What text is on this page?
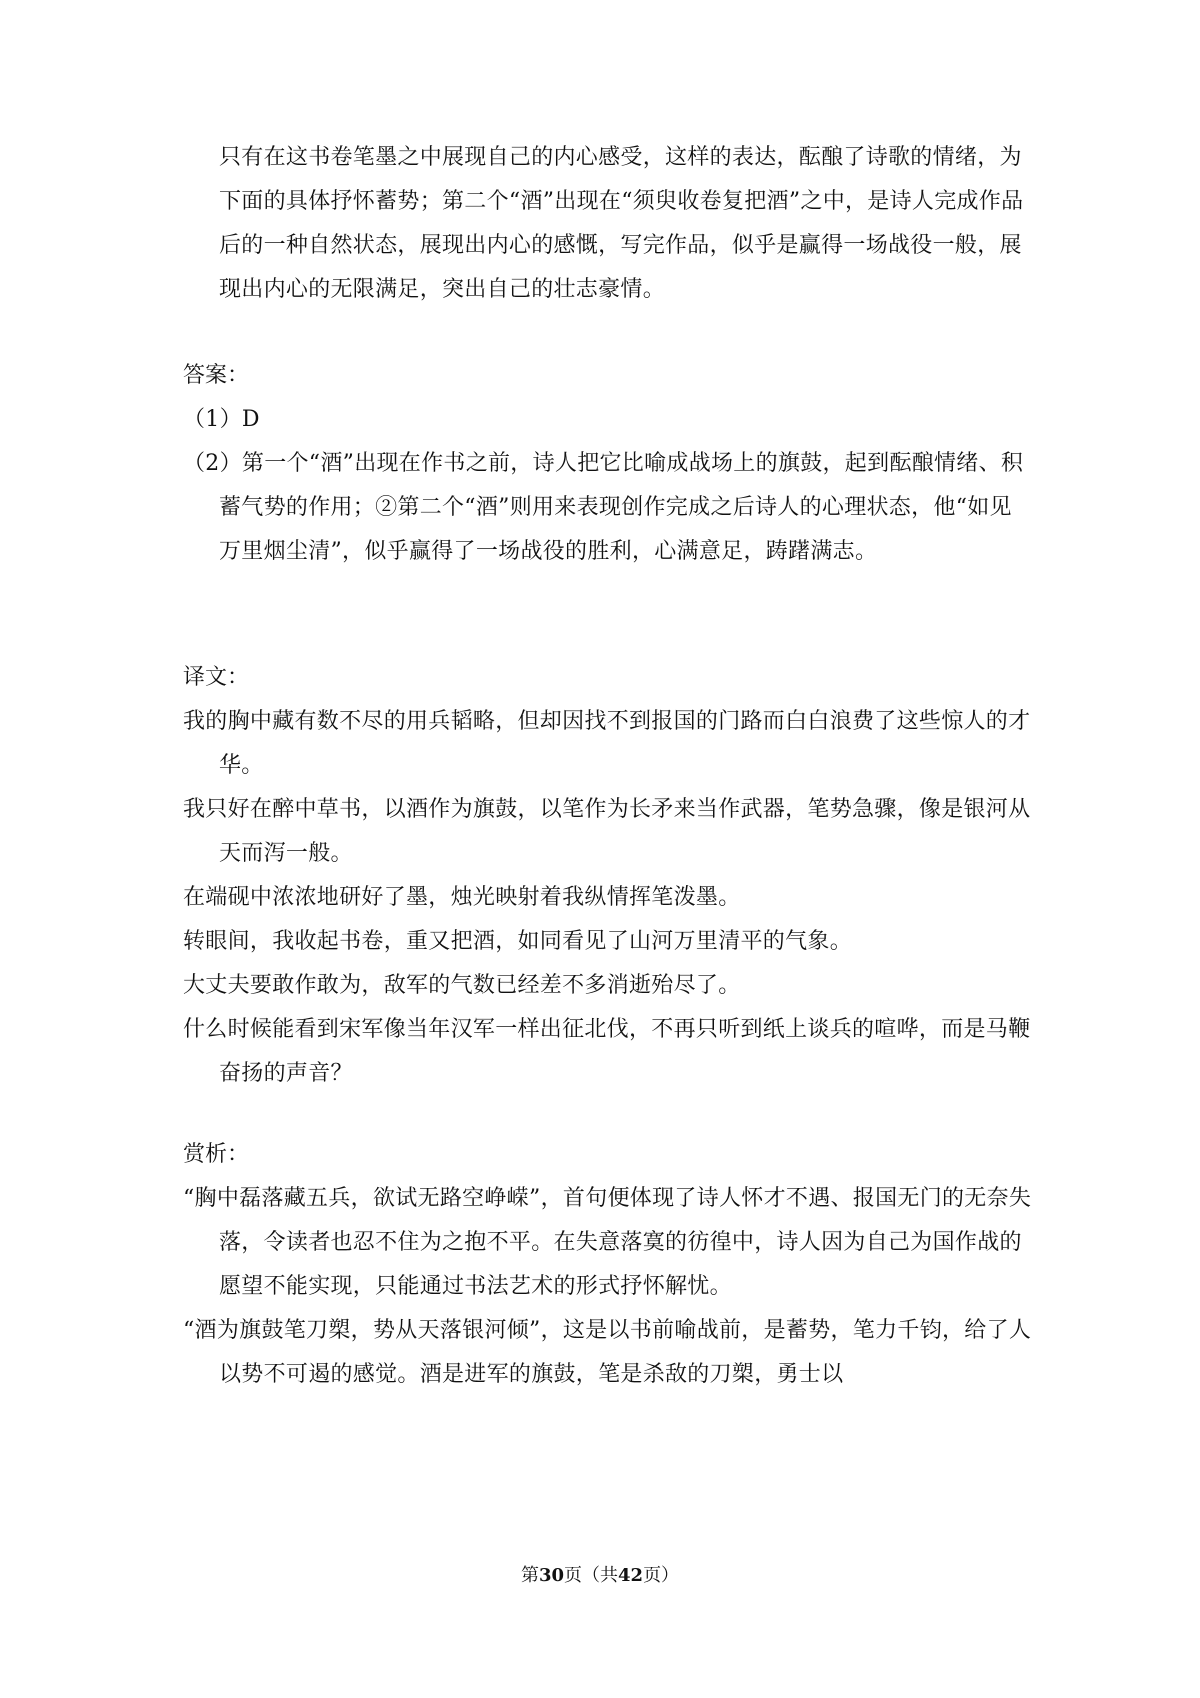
只有在这书卷笔墨之中展现自己的内心感受，这样的表达，酝酿了诗歌的情绪，为下面的具体抒怀蓄势；第二个“酒”出现在“须臾收卷复把酒”之中，是诗人完成作品后的一种自然状态，展现出内心的感慨，写完作品，似乎是赢得一场战役一般，展现出内心的无限满足，突出自己的壮志豪情。

答案：

（1）D

（2）第一个“酒”出现在作书之前，诗人把它比喻成战场上的旗鼓，起到酝酿情绪、积蓄气势的作用；②第二个“酒”则用来表现创作完成之后诗人的心理状态，他“如见万里烟尘清”，似乎赢得了一场战役的胜利，心满意足，踌躇满志。

译文：

我的胸中藏有数不尽的用兵韬略，但却因找不到报国的门路而白白浪费了这些惊人的才华。

我只好在醉中草书，以酒作为旗鼓，以笔作为长矛来当作武器，笔势急骤，像是银河从天而泻一般。

在端砚中浓浓地研好了墨，烛光映射着我纵情挥笔泼墨。

转眼间，我收起书卷，重又把酒，如同看见了山河万里清平的气象。

大丈夫要敢作敢为，敌军的气数已经差不多消逝殆尽了。

什么时候能看到宋军像当年汉军一样出征北伐，不再只听到纸上谈兵的喧哗，而是马鞭奋扬的声音？

赏析：

“胸中磊落藏五兵，欲试无路空峥嵘”，首句便体现了诗人怀才不遇、报国无门的无奈失落，令读者也忍不住为之抱不平。在失意落寞的彷徨中，诗人因为自己为国作战的愿望不能实现，只能通过书法艺术的形式抒怀解忧。

“酒为旗鼓笔刀槊，势从天落银河倾”，这是以书前喻战前，是蓄势，笔力千钧，给了人以势不可遏的感觉。酒是进军的旗鼓，笔是杀敌的刀槊，勇士以

第30页（共42页）
